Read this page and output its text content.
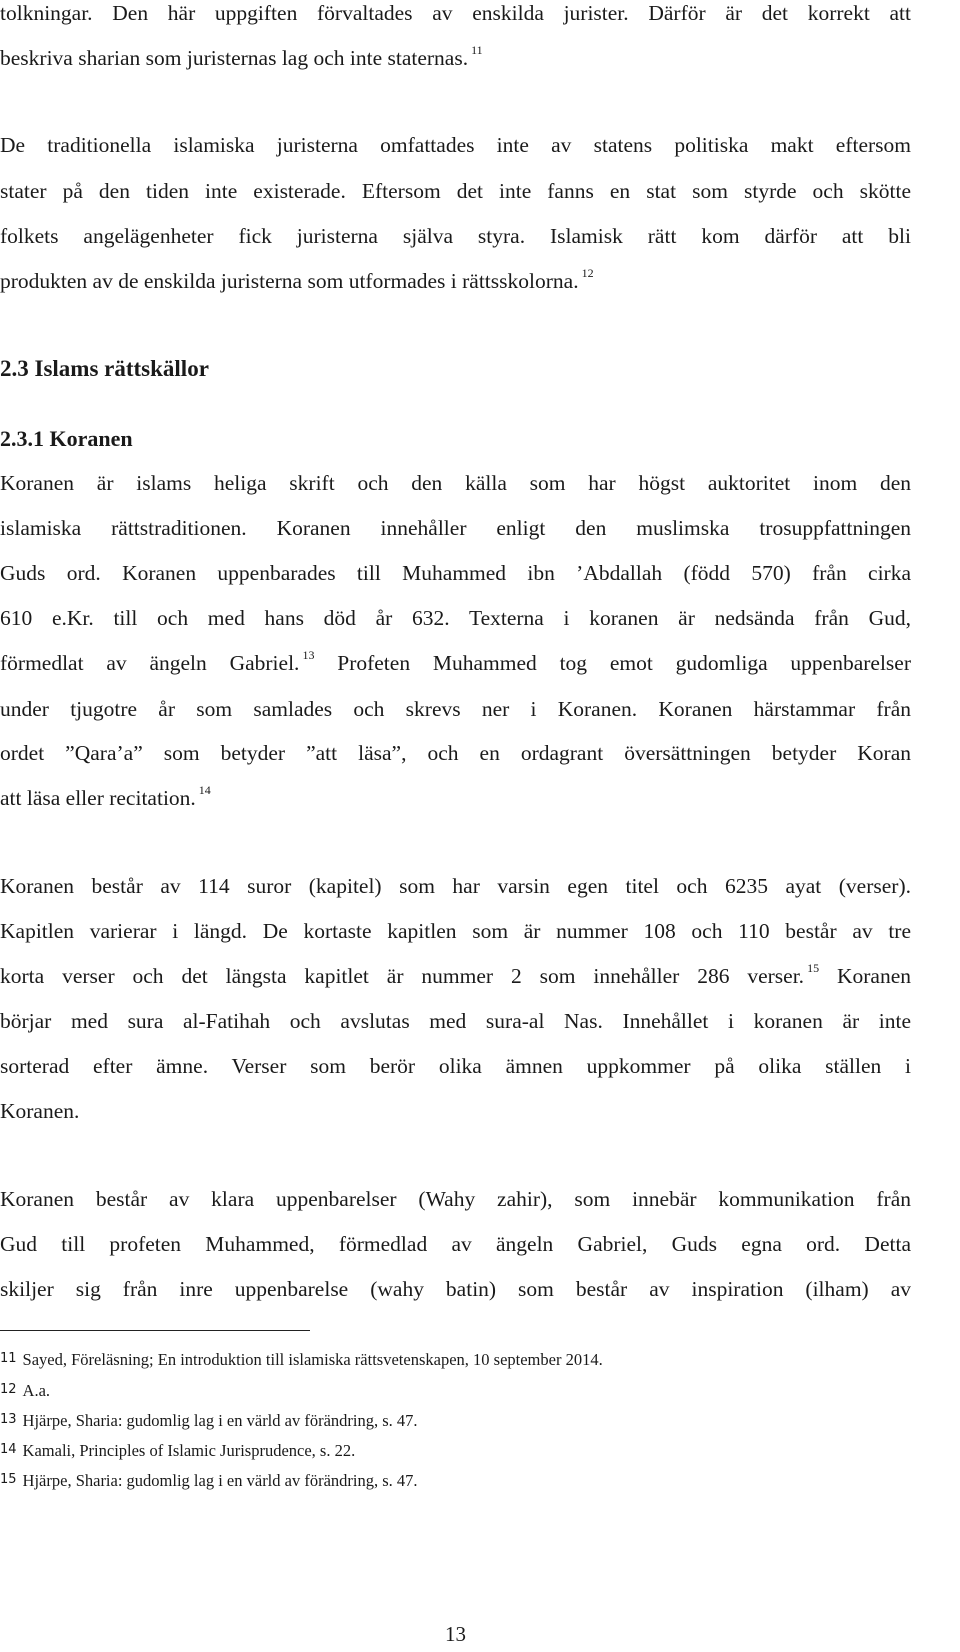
tolkningar. Den här uppgiften förvaltades av enskilda jurister. Därför är det korrekt att
beskriva sharian som juristernas lag och inte staternas. $^{11}$
De traditionella islamiska juristerna omfattades inte av statens politiska makt eftersom
stater på den tiden inte existerade. Eftersom det inte fanns en stat som styrde och skötte
folkets angelägenheter fick juristerna själva styra. Islamisk rätt kom därför att bli
produkten av de enskilda juristerna som utformades i rättsskolorna. $^{12}$
Koranen är islams heliga skrift och den källa som har högst auktoritet inom den
islamiska rättstraditionen. Koranen innehåller enligt den muslimska trosuppfattningen
Guds ord. Koranen uppenbarades till Muhammed ibn ’Abdallah (född 570) från cirka
610 e.Kr. till och med hans död år 632. Texterna i koranen är nedsända från Gud,
förmedlat av ängeln Gabriel. $^{13}$ Profeten Muhammed tog emot gudomliga uppenbarelser
under tjugotre år som samlades och skrevs ner i Koranen. Koranen härstammar från
ordet ”Qara’a” som betyder ”att läsa”, och en ordagrant översättningen betyder Koran
att läsa eller recitation. $^{14}$
Koranen består av 114 suror (kapitel) som har varsin egen titel och 6235 ayat (verser).
Kapitlen varierar i längd. De kortaste kapitlen som är nummer 108 och 110 består av tre
korta verser och det längsta kapitlet är nummer 2 som innehåller 286 verser. $^{15}$ Koranen
börjar med sura al-Fatihah och avslutas med sura-al Nas. Innehållet i koranen är inte
sorterad efter ämne. Verser som berör olika ämnen uppkommer på olika ställen i
Koranen.
Koranen består av klara uppenbarelser (Wahy zahir), som innebär kommunikation från
Gud till profeten Muhammed, förmedlad av ängeln Gabriel, Guds egna ord. Detta
skiljer sig från inre uppenbarelse (wahy batin) som består av inspiration (ilham) av
2.3 Islams rättskällor
2.3.1 Koranen
11 Sayed, Föreläsning; En introduktion till islamiska rättsvetenskapen, 10 september 2014.
12 A.a.
13 Hjärpe, Sharia: gudomlig lag i en värld av förändring, s. 47.
14 Kamali, Principles of Islamic Jurisprudence, s. 22.
15 Hjärpe, Sharia: gudomlig lag i en värld av förändring, s. 47.
13
